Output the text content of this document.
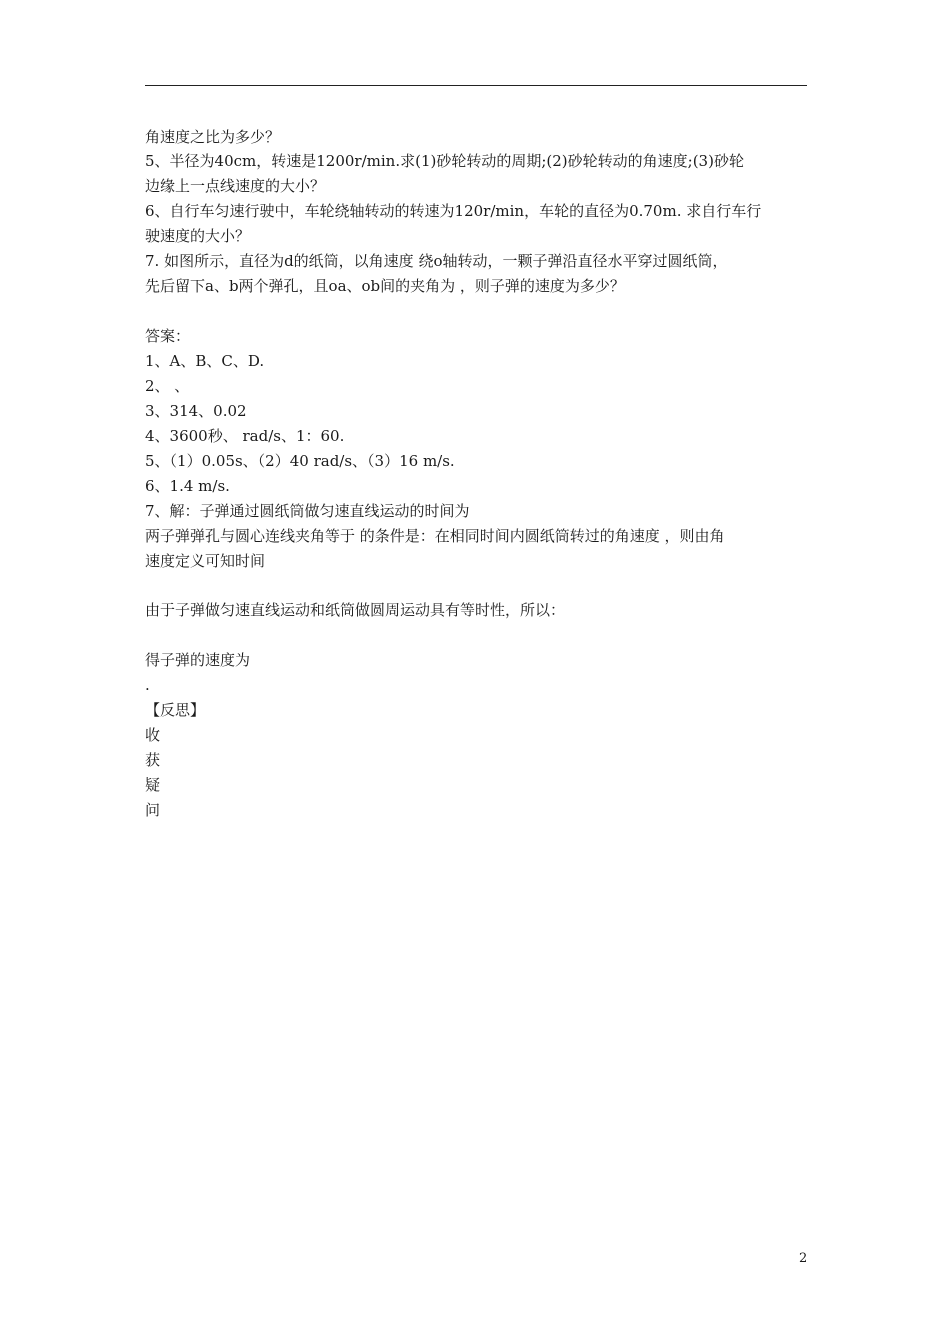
角速度之比为多少？
5、半径为40cm，转速是1200r/min.求(1)砂轮转动的周期;(2)砂轮转动的角速度;(3)砂轮
边缘上一点线速度的大小？
6、自行车匀速行驶中，车轮绕轴转动的转速为120r/min，车轮的直径为0.70m. 求自行车行
驶速度的大小？
7. 如图所示，直径为d的纸筒，以角速度 绕o轴转动，一颗子弹沿直径水平穿过圆纸筒，
先后留下a、b两个弹孔，且oa、ob间的夹角为 ，则子弹的速度为多少？
答案：
1、A、B、C、D.
2、 、
3、314、0.02
4、3600秒、 rad/s、1：60.
5、（1）0.05s、（2）40 rad/s、（3）16 m/s.
6、1.4 m/s.
7、解：子弹通过圆纸筒做匀速直线运动的时间为
两子弹弹孔与圆心连线夹角等于 的条件是：在相同时间内圆纸筒转过的角速度 ，则由角
速度定义可知时间
由于子弹做匀速直线运动和纸筒做圆周运动具有等时性，所以：
得子弹的速度为
.
【反思】
收
获
疑
问
2
